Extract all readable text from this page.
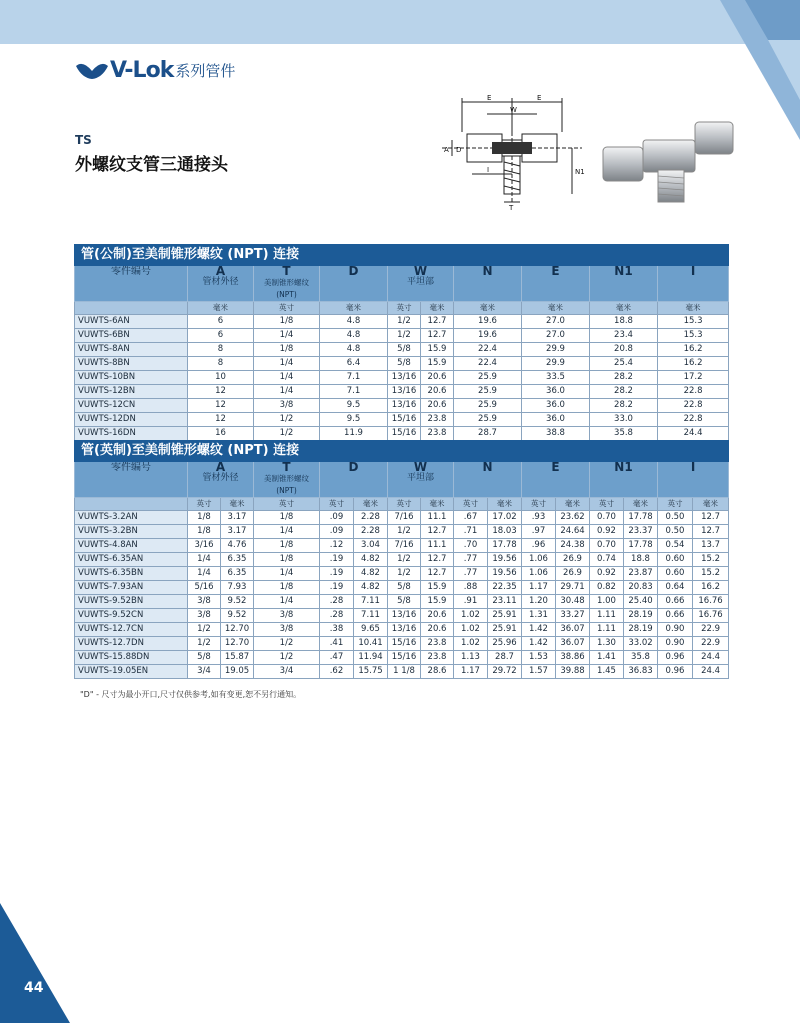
V-Lok 系列管件
TS
外螺纹支管三通接头
E	E
W
A D
I	N1
T
管(公制)至美制锥形螺纹 (NPT) 连接									

零件编号	A
管材外径	T
美制锥形螺纹
(NPT)	D	W
平坦部		N	E	N1	I

	毫米	英寸	毫米	英寸	毫米	毫米	毫米	毫米	毫米
VUWTS-6AN	6	1/8	4.8	1/2	12.7	19.6	27.0	18.8	15.3
VUWTS-6BN	6	1/4	4.8	1/2	12.7	19.6	27.0	23.4	15.3
VUWTS-8AN	8	1/8	4.8	5/8	15.9	22.4	29.9	20.8	16.2
VUWTS-8BN	8	1/4	6.4	5/8	15.9	22.4	29.9	25.4	16.2
VUWTS-10BN	10	1/4	7.1	13/16	20.6	25.9	33.5	28.2	17.2
VUWTS-12BN	12	1/4	7.1	13/16	20.6	25.9	36.0	28.2	22.8
VUWTS-12CN	12	3/8	9.5	13/16	20.6	25.9	36.0	28.2	22.8
VUWTS-12DN	12	1/2	9.5	15/16	23.8	25.9	36.0	33.0	22.8
VUWTS-16DN	16	1/2	11.9	15/16	23.8	28.7	38.8	35.8	24.4
管(英制)至美制锥形螺纹 (NPT) 连接															

零件编号	A
管材外径		T
美制锥形螺纹
(NPT)	D		W
平坦部		N		E		N1		I	

	英寸	毫米	英寸	英寸	毫米	英寸	毫米	英寸	毫米	英寸	毫米	英寸	毫米	英寸	毫米
VUWTS-3.2AN	1/8	3.17	1/8	.09	2.28	7/16	11.1	.67	17.02	.93	23.62	0.70	17.78	0.50	12.7
VUWTS-3.2BN	1/8	3.17	1/4	.09	2.28	1/2	12.7	.71	18.03	.97	24.64	0.92	23.37	0.50	12.7
VUWTS-4.8AN	3/16	4.76	1/8	.12	3.04	7/16	11.1	.70	17.78	.96	24.38	0.70	17.78	0.54	13.7
VUWTS-6.35AN	1/4	6.35	1/8	.19	4.82	1/2	12.7	.77	19.56	1.06	26.9	0.74	18.8	0.60	15.2
VUWTS-6.35BN	1/4	6.35	1/4	.19	4.82	1/2	12.7	.77	19.56	1.06	26.9	0.92	23.87	0.60	15.2
VUWTS-7.93AN	5/16	7.93	1/8	.19	4.82	5/8	15.9	.88	22.35	1.17	29.71	0.82	20.83	0.64	16.2
VUWTS-9.52BN	3/8	9.52	1/4	.28	7.11	5/8	15.9	.91	23.11	1.20	30.48	1.00	25.40	0.66	16.76
VUWTS-9.52CN	3/8	9.52	3/8	.28	7.11	13/16	20.6	1.02	25.91	1.31	33.27	1.11	28.19	0.66	16.76
VUWTS-12.7CN	1/2	12.70	3/8	.38	9.65	13/16	20.6	1.02	25.91	1.42	36.07	1.11	28.19	0.90	22.9
VUWTS-12.7DN	1/2	12.70	1/2	.41	10.41	15/16	23.8	1.02	25.96	1.42	36.07	1.30	33.02	0.90	22.9
VUWTS-15.88DN	5/8	15.87	1/2	.47	11.94	15/16	23.8	1.13	28.7	1.53	38.86	1.41	35.8	0.96	24.4
VUWTS-19.05EN	3/4	19.05	3/4	.62	15.75	1 1/8	28.6	1.17	29.72	1.57	39.88	1.45	36.83	0.96	24.4
"D" - 尺寸为最小开口,尺寸仅供参考,如有变更,恕不另行通知。
44
